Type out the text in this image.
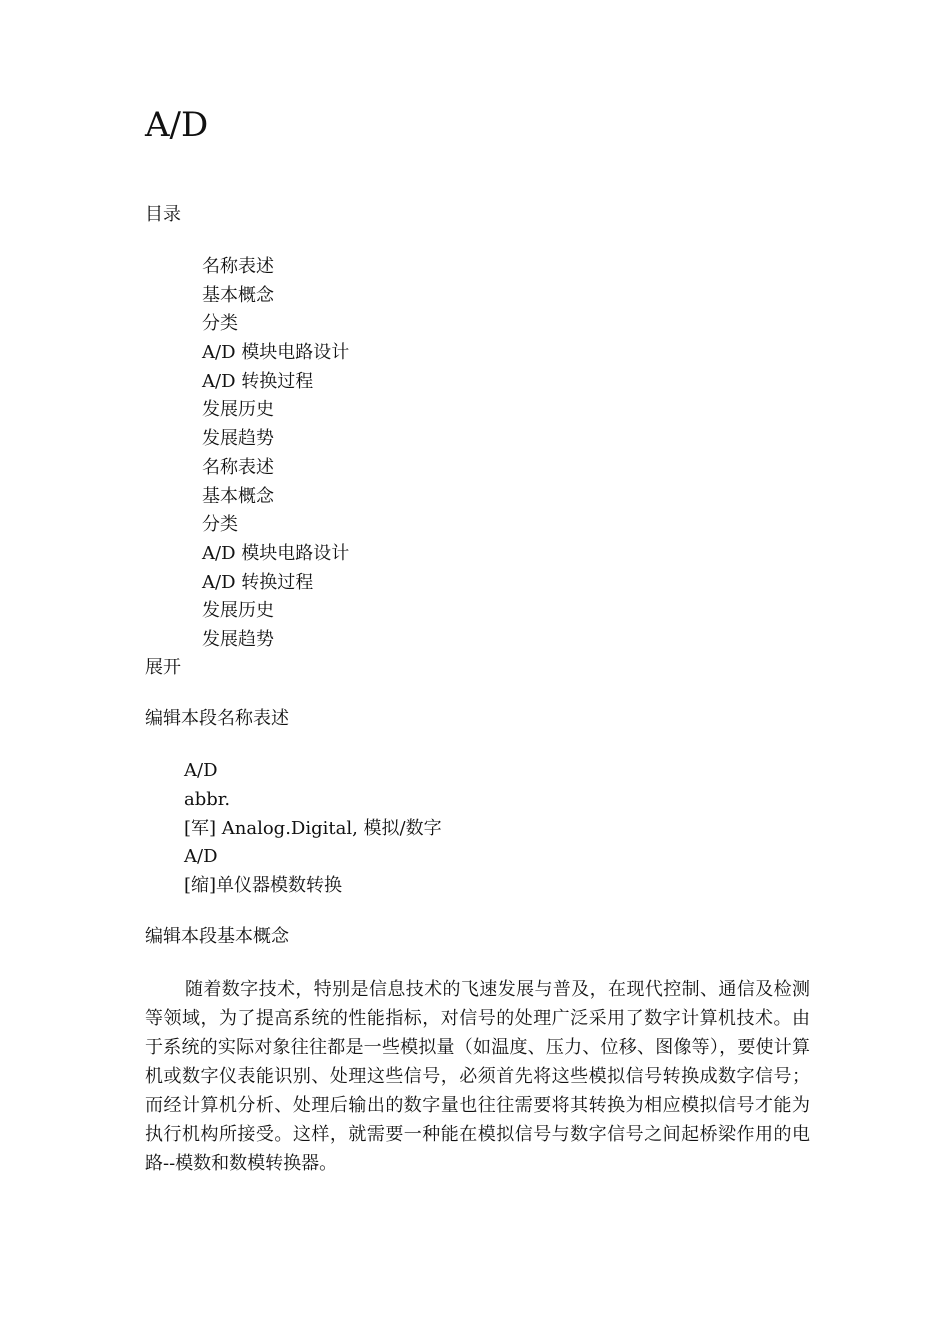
A/D
目录
名称表述
基本概念
分类
A/D 模块电路设计
A/D 转换过程
发展历史
发展趋势
名称表述
基本概念
分类
A/D 模块电路设计
A/D 转换过程
发展历史
发展趋势
展开
编辑本段名称表述
A/D
abbr.
[军] Analog.Digital, 模拟/数字
A/D
[缩]单仪器模数转换
编辑本段基本概念

随着数字技术，特别是信息技术的飞速发展与普及，在现代控制、通信及检测等领域，为了提高系统的性能指标，对信号的处理广泛采用了数字计算机技术。由于系统的实际对象往往都是一些模拟量（如温度、压力、位移、图像等），要使计算机或数字仪表能识别、处理这些信号，必须首先将这些模拟信号转换成数字信号；而经计算机分析、处理后输出的数字量也往往需要将其转换为相应模拟信号才能为执行机构所接受。这样，就需要一种能在模拟信号与数字信号之间起桥梁作用的电路--模数和数模转换器。
